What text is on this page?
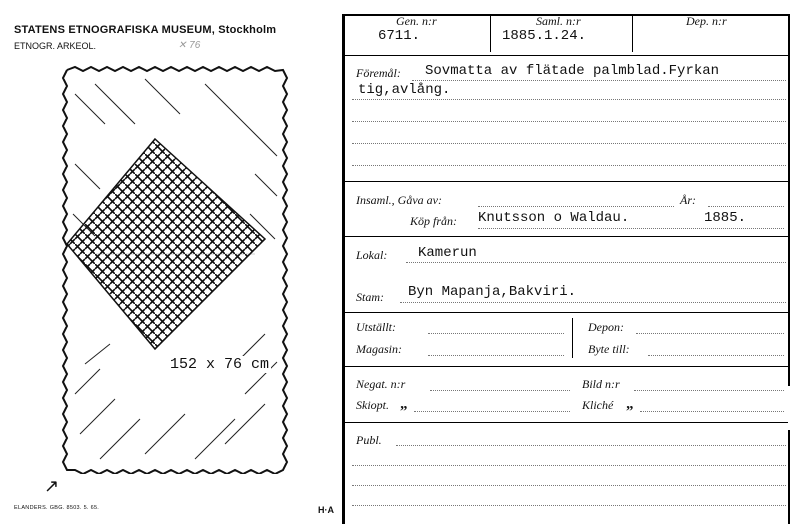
STATENS ETNOGRAFISKA MUSEUM, Stockholm
ETNOGR. ARKEOL.	✕ 76
152 x 76 cm
↗
ELANDERS. GBG. 8503. 5. 65.	H·A
Gen. n:r
6711.
Saml. n:r
1885.1.24.
Dep. n:r
Föremål: Sovmatta av flätade palmblad.Fyrkan
tig,avlång.
Insaml., Gåva av:	År:
Köp från: Knutsson o Waldau.	1885.
Lokal: Kamerun
Stam: Byn Mapanja,Bakviri.
Utställt:	Depon:
Magasin:	Byte till:
Negat. n:r	Bild n:r
Skiopt. „	Kliché „
Publ.
